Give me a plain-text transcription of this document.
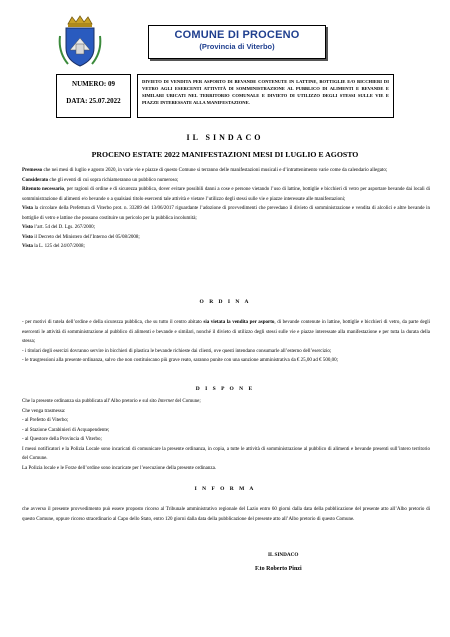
COMUNE DI PROCENO
(Provincia di Viterbo)
NUMERO: 09
DATA: 25.07.2022
DIVIETO DI VENDITA PER ASPORTO DI BEVANDE CONTENUTE IN LATTINE, BOTTIGLIE E/O BICCHIERI DI VETRO AGLI ESERCENTI ATTIVITÀ DI SOMMINISTRAZIONE AL PUBBLICO DI ALIMENTI E BEVANDE E SIMILARI UBICATI NEL TERRITORIO COMUNALE E DIVIETO DI UTILIZZO DEGLI STESSI SULLE VIE E PIAZZE INTERESSATE ALLA MANIFESTAZIONE.
IL SINDACO
PROCENO ESTATE 2022 MANIFESTAZIONI MESI DI LUGLIO E AGOSTO

Premesso che nei mesi di luglio e agosto 2020, in varie vie e piazze di questo Comune si terranno delle manifestazioni musicali e d’intrattenimento varie come da calendario allegato;

Considerato che gli eventi di cui sopra richiameranno un pubblico numeroso;

Ritenuto necessario, per ragioni di ordine e di sicurezza pubblica, dover evitare possibili danni a cose e persone vietando l’uso di lattine, bottiglie e bicchieri di vetro per asportare bevande dai locali di somministrazione di alimenti e/o bevande o a qualsiasi titolo esercenti tale attività e vietare l’utilizzo degli stessi sulle vie e piazze interessate alle manifestazioni;

Vista la circolare della Prefettura di Viterbo prot. n. 33289 del 13/06/2017 riguardante l’adozione di provvedimenti che prevedano il divieto di somministrazione e vendita di alcolici e altre bevande in bottiglie di vetro e lattine che possano costituire un pericolo per la pubblica incolumità;

Visto l’art. 54 del D. Lgs. 267/2000;

Visto il Decreto del Ministero dell’Interno del 05/08/2008;

Vista la L. 125 del 24/07/2008;

O R D I N A

- per motivi di tutela dell’ordine e della sicurezza pubblica, che su tutto il centro abitato sia vietata la vendita per asporto, di bevande contenute in lattine, bottiglie e bicchieri di vetro, da parte degli esercenti le attività di somministrazione al pubblico di alimenti e bevande e similari, nonché il divieto di utilizzo degli stessi sulle vie e piazze interessate alla manifestazione e per tutta la durata della stessa;

- i titolari degli esercizi dovranno servire in bicchieri di plastica le bevande richieste dai clienti, ove questi intendano consumarle all’esterno dell’esercizio;

- le trasgressioni alla presente ordinanza, salvo che non costituiscano più grave reato, saranno punite con una sanzione amministrativa da € 25,00 ad € 500,00;

D I S P O N E

Che la presente ordinanza sia pubblicata all’Albo pretorio e sul sito Internet del Comune;

Che venga trasmessa:

- al Prefetto di Viterbo;

- al Stazione Carabinieri di Acquapendente;

- al Questore della Provincia di Viterbo;

I messi notificatori e la Polizia Locale sono incaricati di comunicare la presente ordinanza, in copia, a tutte le attività di somministrazione al pubblico di alimenti e bevande presenti sull’intero territorio del Comune.

La Polizia locale e le Forze dell’ordine sono incaricate per l’esecuzione della presente ordinanza.

I N F O R M A

che avverso il presente provvedimento può essere proposto ricorso al Tribunale amministrativo regionale del Lazio entro 60 giorni dalla data della pubblicazione del presente atto all’Albo pretorio di questo Comune, oppure ricorso straordinario al Capo dello Stato, entro 120 giorni dalla data della pubblicazione del presente atto all’Albo pretorio di questo Comune.

IL SINDACO
F.to Roberto Pinzi
